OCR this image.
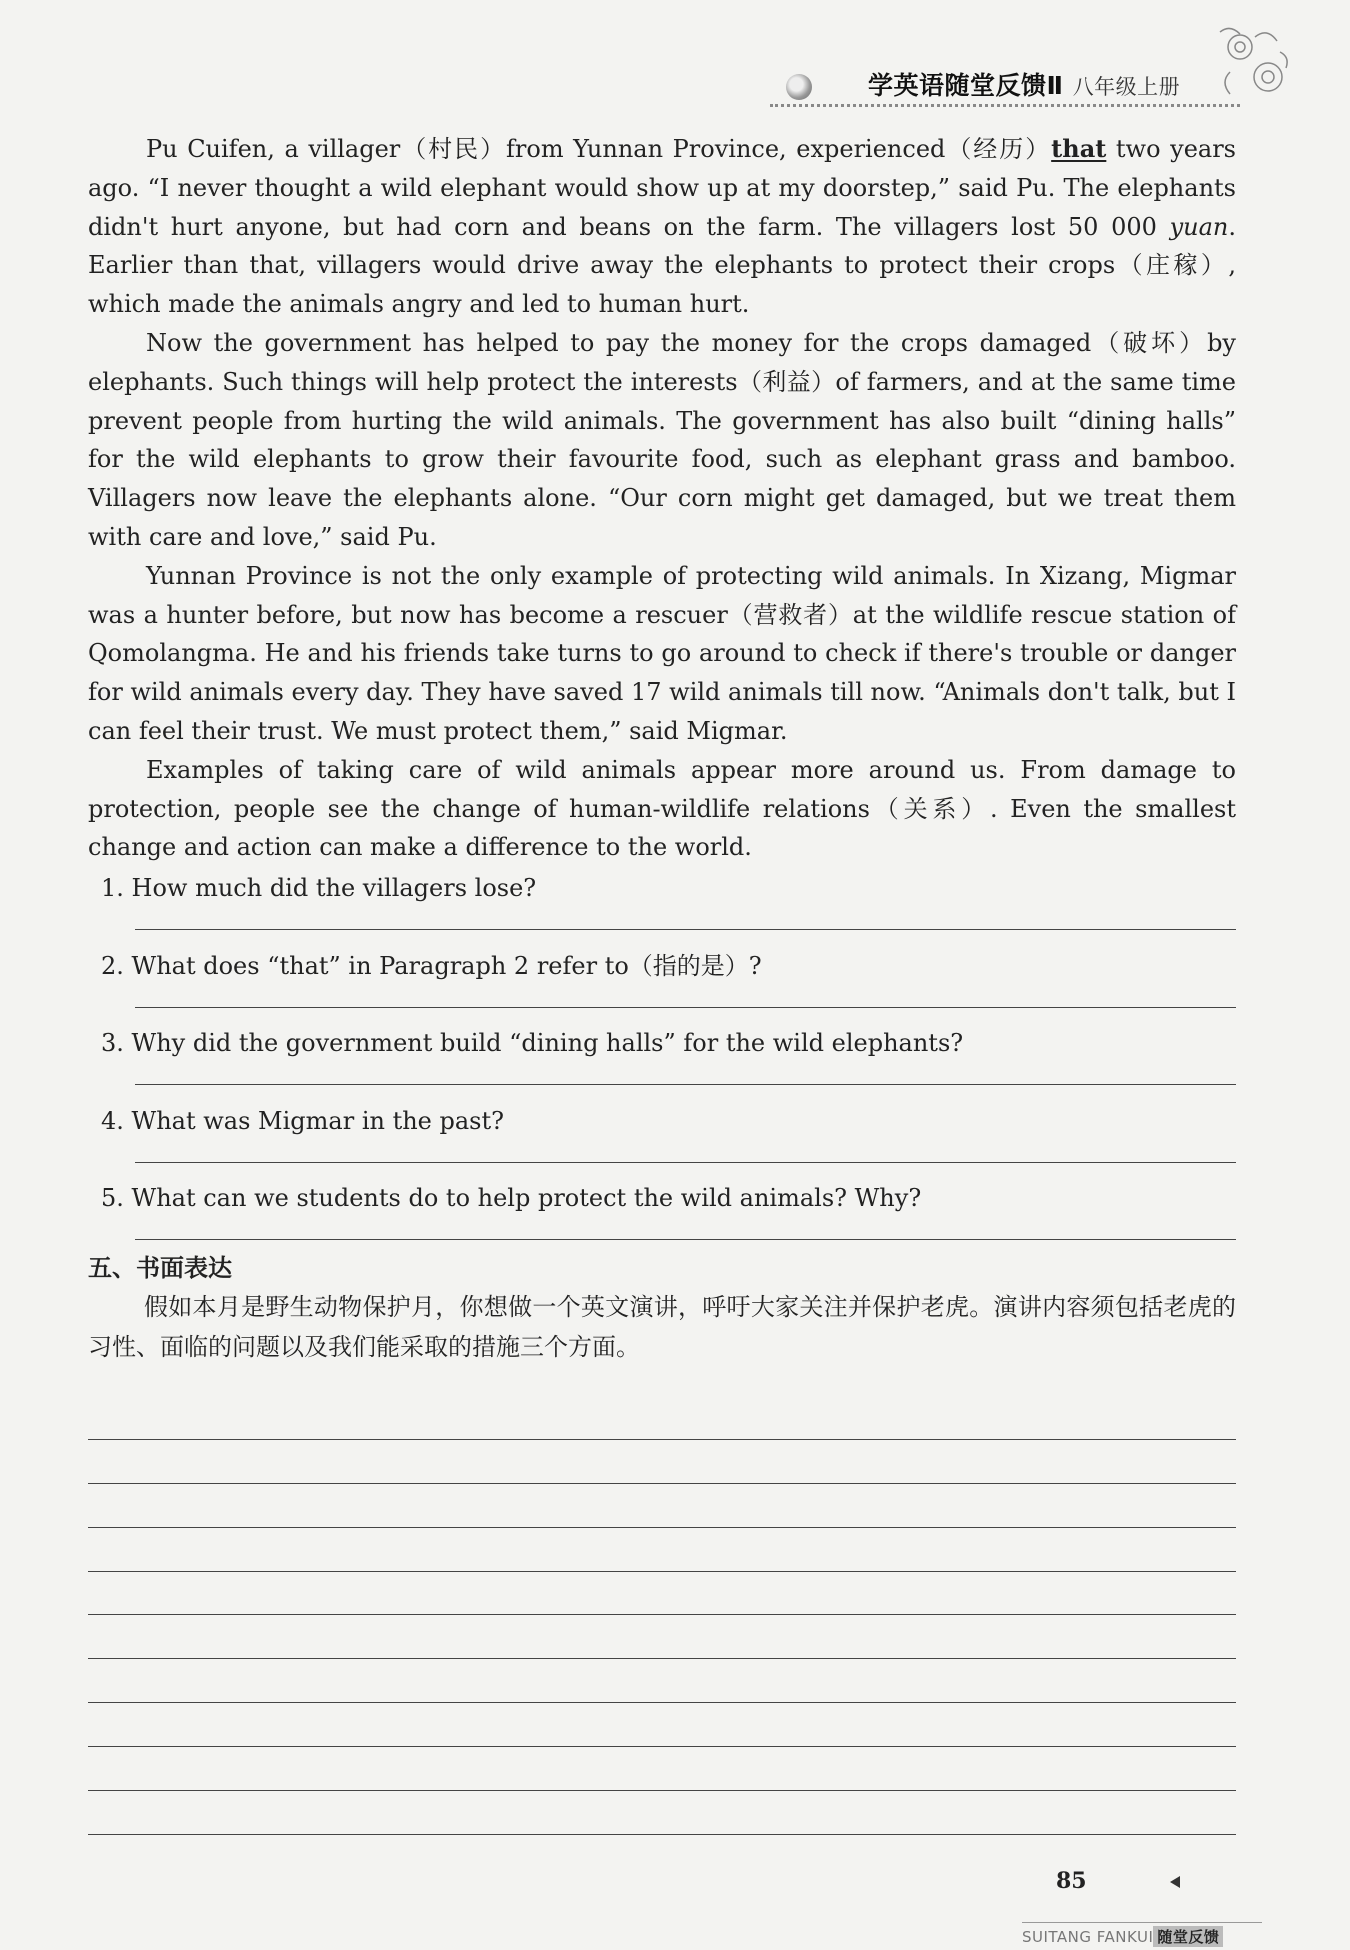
学英语随堂反馈Ⅱ 八年级上册

Pu Cuifen, a villager（村民）from Yunnan Province, experienced（经历）that two years ago. “I never thought a wild elephant would show up at my doorstep,” said Pu. The elephants didn't hurt anyone, but had corn and beans on the farm. The villagers lost 50 000 yuan. Earlier than that, villagers would drive away the elephants to protect their crops（庄稼）, which made the animals angry and led to human hurt.

Now the government has helped to pay the money for the crops damaged（破坏）by elephants. Such things will help protect the interests（利益）of farmers, and at the same time prevent people from hurting the wild animals. The government has also built “dining halls” for the wild elephants to grow their favourite food, such as elephant grass and bamboo. Villagers now leave the elephants alone. “Our corn might get damaged, but we treat them with care and love,” said Pu.

Yunnan Province is not the only example of protecting wild animals. In Xizang, Migmar was a hunter before, but now has become a rescuer（营救者）at the wildlife rescue station of Qomolangma. He and his friends take turns to go around to check if there's trouble or danger for wild animals every day. They have saved 17 wild animals till now. “Animals don't talk, but I can feel their trust. We must protect them,” said Migmar.

Examples of taking care of wild animals appear more around us. From damage to protection, people see the change of human-wildlife relations（关系）. Even the smallest change and action can make a difference to the world.

1. How much did the villagers lose?
2. What does “that” in Paragraph 2 refer to（指的是）?
3. Why did the government build “dining halls” for the wild elephants?
4. What was Migmar in the past?
5. What can we students do to help protect the wild animals? Why?

五、书面表达

假如本月是野生动物保护月，你想做一个英文演讲，呼吁大家关注并保护老虎。演讲内容须包括老虎的习性、面临的问题以及我们能采取的措施三个方面。

85
SUITANG FANKUI 随堂反馈
